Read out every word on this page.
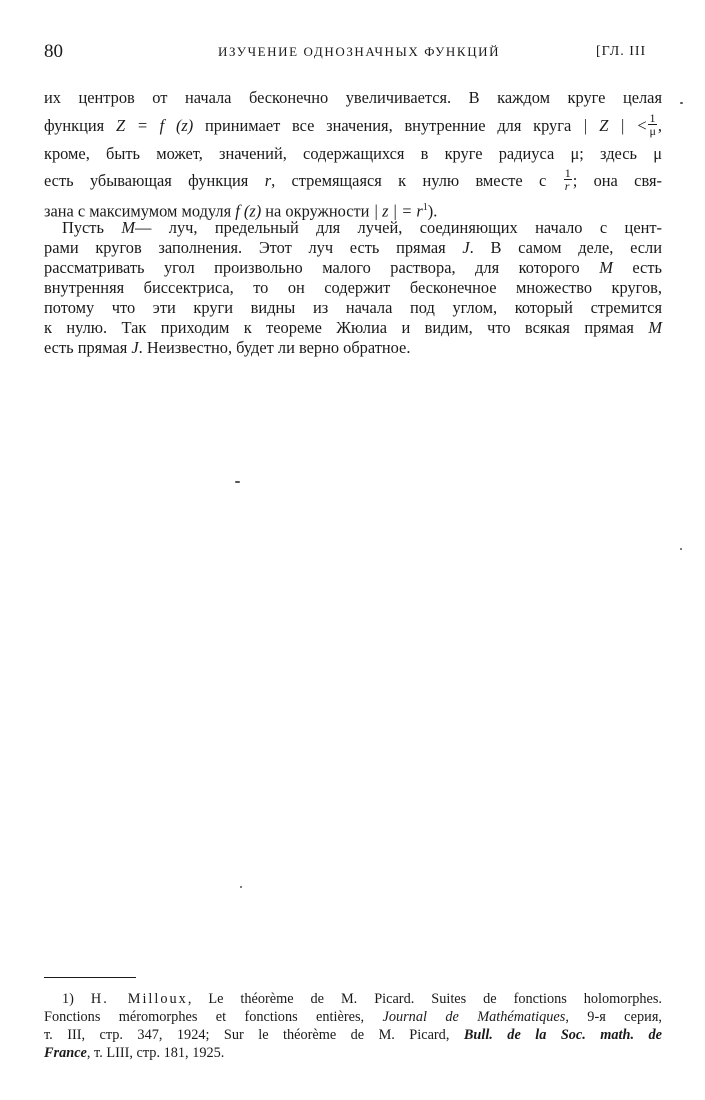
80	ИЗУЧЕНИЕ ОДНОЗНАЧНЫХ ФУНКЦИЙ	[ГЛ. III
их центров от начала бесконечно увеличивается. В каждом круге целая
функция Z = f (z) принимает все значения, внутренние для круга | Z | < $\frac{1}{\mu}$ ,
кроме, быть может, значений, содержащихся в круге радиуса μ; здесь μ
есть убывающая функция r, стремящаяся к нулю вместе с $\frac{1}{r}$ ; она свя-
зана с максимумом модуля f (z) на окружности | z | = $r^1$).
Пусть M— луч, предельный для лучей, соединяющих начало с цент-
рами кругов заполнения. Этот луч есть прямая J. В самом деле, если
рассматривать угол произвольно малого раствора, для которого M есть
внутренняя биссектриса, то он содержит бесконечное множество кругов,
потому что эти круги видны из начала под углом, который стремится
к нулю. Так приходим к теореме Жюлиа и видим, что всякая прямая M
есть прямая J. Неизвестно, будет ли верно обратное.
1) H. Milloux, Le théorème de M. Picard. Suites de fonctions holomorphes.
Fonctions méromorphes et fonctions entières, Journal de Mathématiques, 9-я серия,
т. III, стр. 347, 1924; Sur le théorème de M. Picard, Bull. de la Soc. math. de
France, т. LIII, стр. 181, 1925.
